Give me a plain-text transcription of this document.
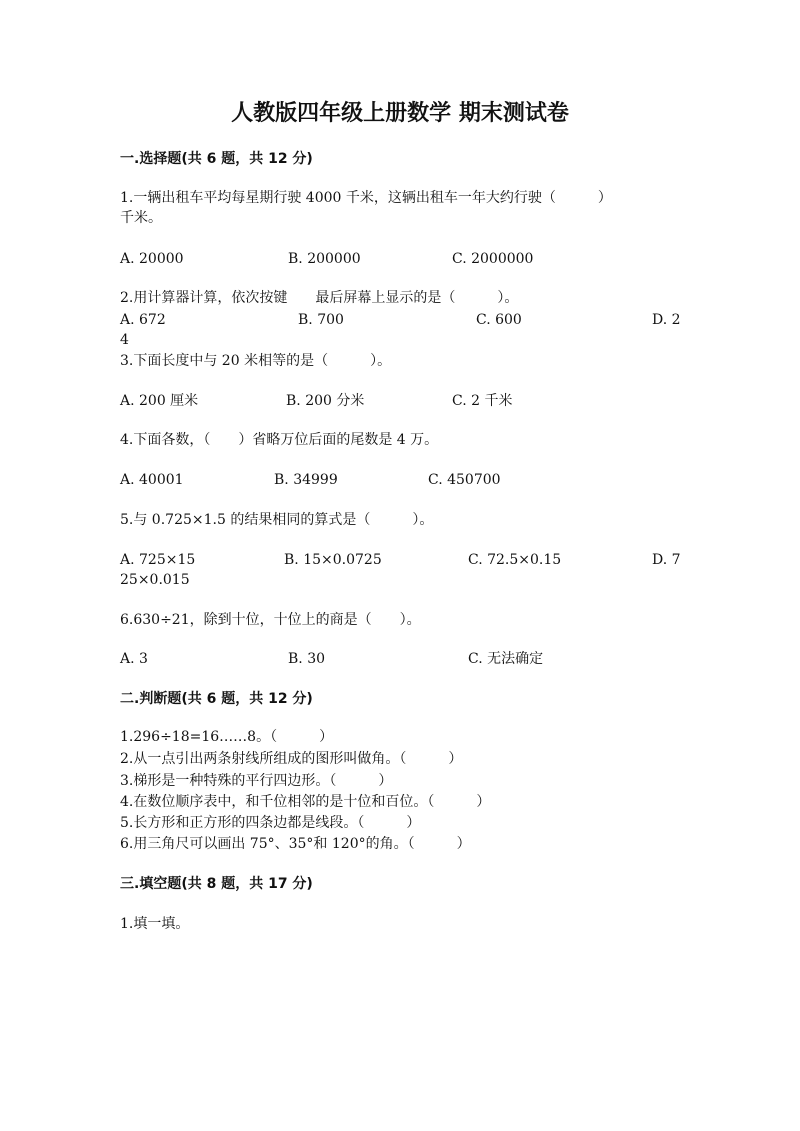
人教版四年级上册数学 期末测试卷
一.选择题(共 6 题，共 12 分)
1.一辆出租车平均每星期行驶 4000 千米，这辆出租车一年大约行驶（　　　）
千米。
A. 20000	B. 200000	C. 2000000
2.用计算器计算，依次按键　　最后屏幕上显示的是（　　　）。
A. 672	B. 700	C. 600	D. 2
4
3.下面长度中与 20 米相等的是（　　　）。
A. 200 厘米	B. 200 分米	C. 2 千米
4.下面各数，（　　）省略万位后面的尾数是 4 万。
A. 40001	B. 34999	C. 450700
5.与 0.725×1.5 的结果相同的算式是（　　　）。
A. 725×15	B. 15×0.0725	C. 72.5×0.15	D. 7
25×0.015
6.630÷21，除到十位，十位上的商是（　　）。
A. 3	B. 30	C. 无法确定
二.判断题(共 6 题，共 12 分)
1.296÷18=16……8。（　　　）
2.从一点引出两条射线所组成的图形叫做角。（　　　）
3.梯形是一种特殊的平行四边形。（　　　）
4.在数位顺序表中，和千位相邻的是十位和百位。（　　　）
5.长方形和正方形的四条边都是线段。（　　　）
6.用三角尺可以画出 75°、35°和 120°的角。（　　　）
三.填空题(共 8 题，共 17 分)
1.填一填。
